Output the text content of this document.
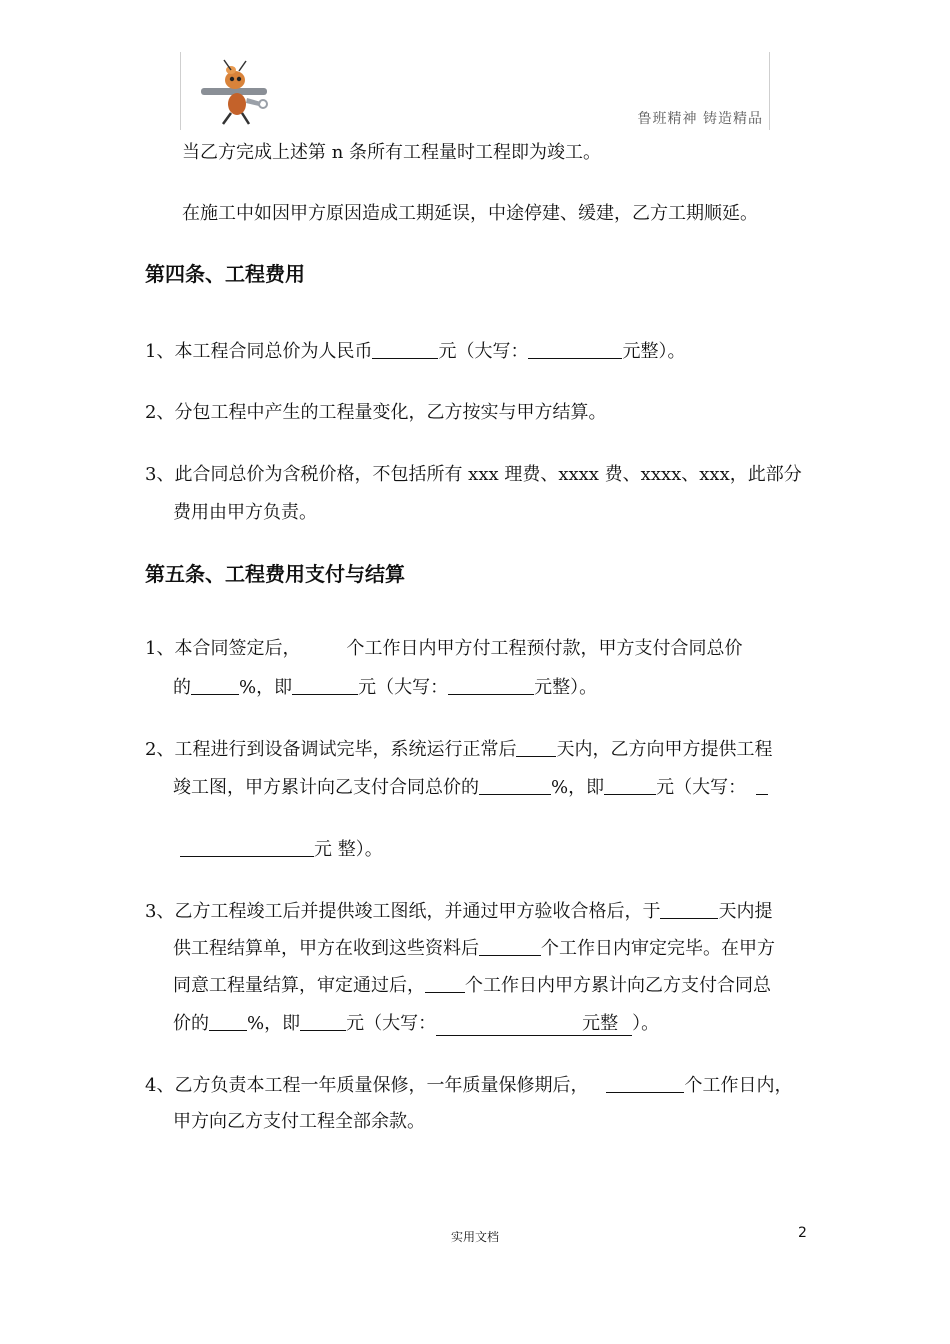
鲁班精神 铸造精品
当乙方完成上述第 n 条所有工程量时工程即为竣工。
在施工中如因甲方原因造成工期延误，中途停建、缓建，乙方工期顺延。
第四条、工程费用
1、本工程合同总价为人民币	元（大写：	元整）。
2、分包工程中产生的工程量变化，乙方按实与甲方结算。
3、此合同总价为含税价格，不包括所有 xxx 理费、xxxx 费、xxxx、xxx，此部分
费用由甲方负责。
第五条、工程费用支付与结算
1、本合同签定后，	个工作日内甲方付工程预付款，甲方支付合同总价
的	%，即	元（大写：	元整）。
2、工程进行到设备调试完毕，系统运行正常后 天内，乙方向甲方提供工程
竣工图，甲方累计向乙支付合同总价的	%，即	元（大写：
元 整）。
3、乙方工程竣工后并提供竣工图纸，并通过甲方验收合格后，于	天内提
供工程结算单，甲方在收到这些资料后	个工作日内审定完毕。在甲方
同意工程量结算，审定通过后， 个工作日内甲方累计向乙方支付合同总
价的 %，即	元（大写：	元整 ）。
4、乙方负责本工程一年质量保修，一年质量保修期后，	个工作日内，
甲方向乙方支付工程全部余款。
实用文档	2
